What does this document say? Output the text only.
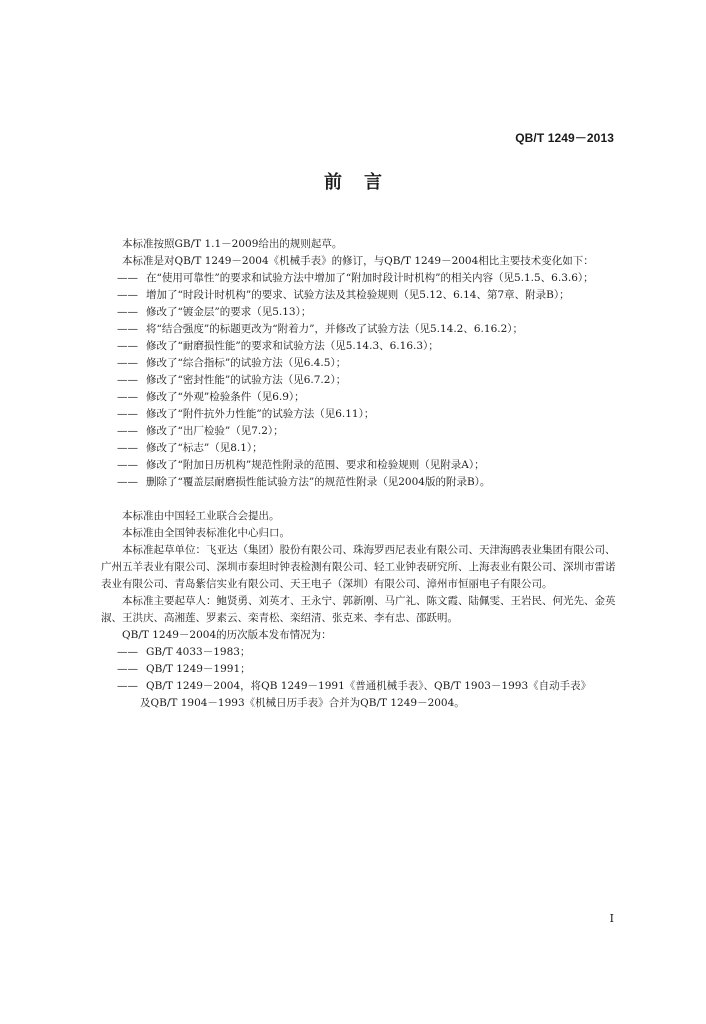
QB/T 1249－2013
前言

本标准按照GB/T 1.1－2009给出的规则起草。

本标准是对QB/T 1249－2004《机械手表》的修订，与QB/T 1249－2004相比主要技术变化如下：

—— 在“使用可靠性”的要求和试验方法中增加了“附加时段计时机构”的相关内容（见5.1.5、6.3.6）；
—— 增加了“时段计时机构”的要求、试验方法及其检验规则（见5.12、6.14、第7章、附录B）；
—— 修改了“镀金层”的要求（见5.13）；
—— 将“结合强度”的标题更改为“附着力”，并修改了试验方法（见5.14.2、6.16.2）；
—— 修改了“耐磨损性能”的要求和试验方法（见5.14.3、6.16.3）；
—— 修改了“综合指标”的试验方法（见6.4.5）；
—— 修改了“密封性能”的试验方法（见6.7.2）；
—— 修改了“外观”检验条件（见6.9）；
—— 修改了“附件抗外力性能”的试验方法（见6.11）；
—— 修改了“出厂检验”（见7.2）；
—— 修改了“标志”（见8.1）；
—— 修改了“附加日历机构”规范性附录的范围、要求和检验规则（见附录A）；
—— 删除了“覆盖层耐磨损性能试验方法”的规范性附录（见2004版的附录B）。

本标准由中国轻工业联合会提出。

本标准由全国钟表标准化中心归口。

本标准起草单位：飞亚达（集团）股份有限公司、珠海罗西尼表业有限公司、天津海鸥表业集团有限公司、广州五羊表业有限公司、深圳市泰坦时钟表检测有限公司、轻工业钟表研究所、上海表业有限公司、深圳市雷诺表业有限公司、青岛紫信实业有限公司、天王电子（深圳）有限公司、漳州市恒丽电子有限公司。

本标准主要起草人：鲍贤勇、刘英才、王永宁、郭新刚、马广礼、陈文霞、陆佩雯、王岩民、何光先、金英淑、王洪庆、高湘莲、罗素云、栾青松、栾绍清、张克来、李有忠、邵跃明。

QB/T 1249－2004的历次版本发布情况为：

—— GB/T 4033－1983；
—— QB/T 1249－1991；
—— QB/T 1249－2004，将QB 1249－1991《普通机械手表》、QB/T 1903－1993《自动手表》

及QB/T 1904－1993《机械日历手表》合并为QB/T 1249－2004。

I
